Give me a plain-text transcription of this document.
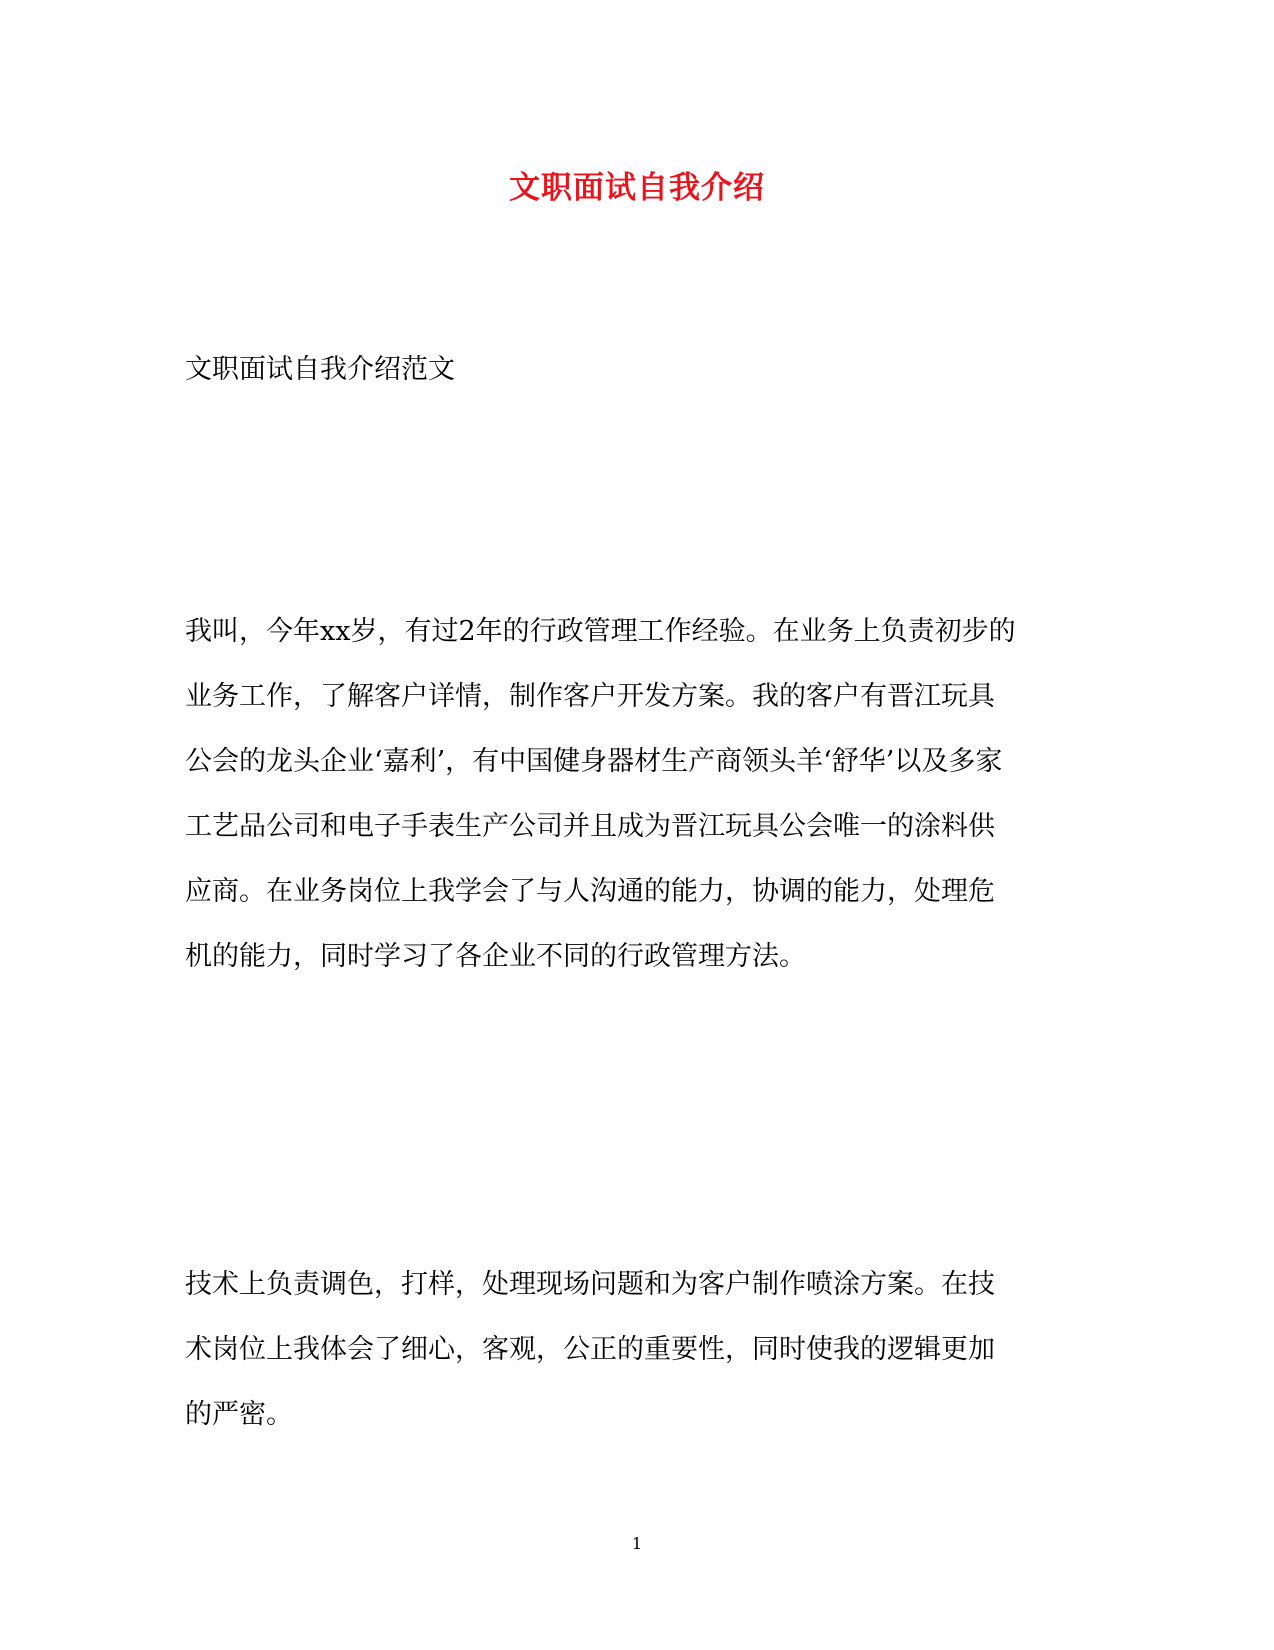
文职面试自我介绍

文职面试自我介绍范文

我叫，今年xx岁，有过2年的行政管理工作经验。在业务上负责初步的
业务工作，了解客户详情，制作客户开发方案。我的客户有晋江玩具
公会的龙头企业‘嘉利’，有中国健身器材生产商领头羊‘舒华’以及多家
工艺品公司和电子手表生产公司并且成为晋江玩具公会唯一的涂料供
应商。在业务岗位上我学会了与人沟通的能力，协调的能力，处理危
机的能力，同时学习了各企业不同的行政管理方法。
技术上负责调色，打样，处理现场问题和为客户制作喷涂方案。在技
术岗位上我体会了细心，客观，公正的重要性，同时使我的逻辑更加
的严密。
1
